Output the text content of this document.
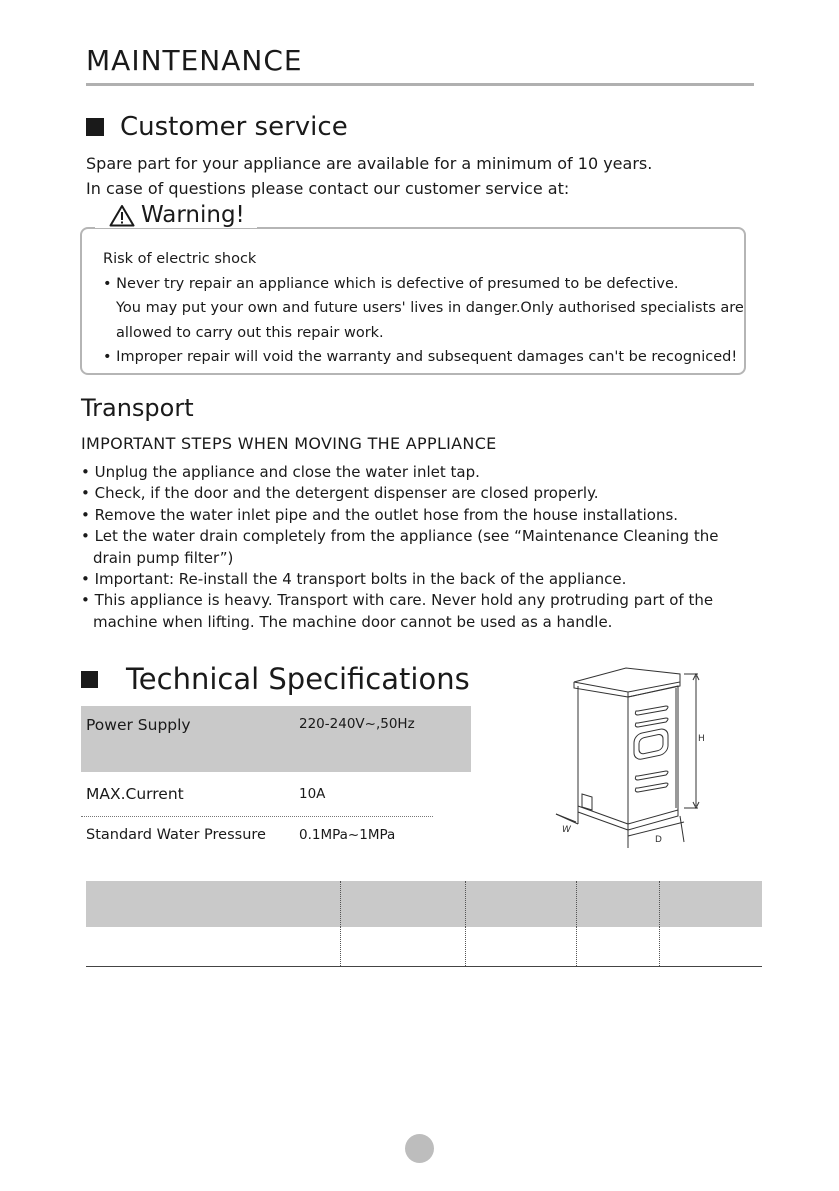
MAINTENANCE
Customer service

Spare part for your appliance are available for a minimum of 10 years.

In case of questions please contact our customer service at:

Warning!

Risk of electric shock

• Never try repair an appliance which is defective of presumed to be defective.

You may put your own and future users' lives in danger.Only authorised specialists are

allowed to carry out this repair work.

• Improper repair will void the warranty and subsequent damages can't be recogniced!

Transport
IMPORTANT STEPS WHEN MOVING THE APPLIANCE
• Unplug the appliance and close the water inlet tap.
• Check, if the door and the detergent dispenser are closed properly.
• Remove the water inlet pipe and the outlet hose from the house installations.
• Let the water drain completely from the appliance (see “Maintenance Cleaning the drain pump filter”)
• Important: Re-install the 4 transport bolts in the back of the appliance.
• This appliance is heavy. Transport with care. Never hold any protruding part of the machine when lifting. The machine door cannot be used as a handle.
Technical Specifications
Power Supply	220-240V~,50Hz
MAX.Current	10A
Standard Water Pressure	0.1MPa~1MPa
H
W
D
